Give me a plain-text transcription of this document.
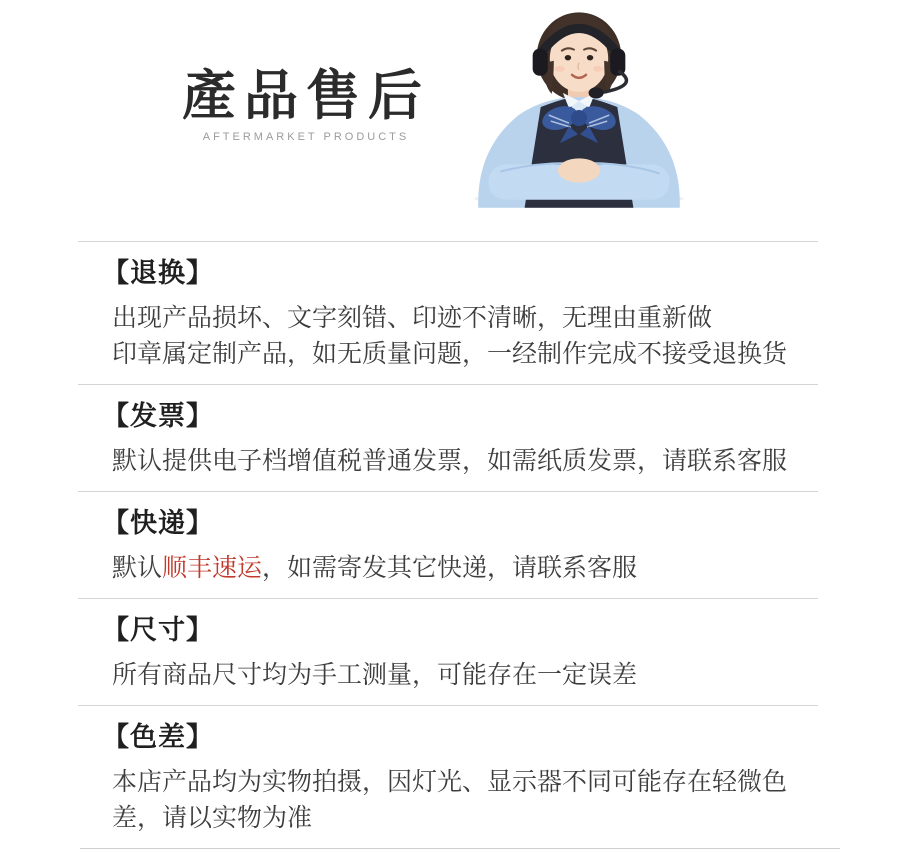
產品售后
AFTERMARKET PRODUCTS
【退换】

出现产品损坏、文字刻错、印迹不清晰，无理由重新做
印章属定制产品，如无质量问题，一经制作完成不接受退换货

【发票】

默认提供电子档增值税普通发票，如需纸质发票，请联系客服

【快递】

默认顺丰速运，如需寄发其它快递，请联系客服

【尺寸】

所有商品尺寸均为手工测量，可能存在一定误差

【色差】

本店产品均为实物拍摄，因灯光、显示器不同可能存在轻微色
差，请以实物为准
